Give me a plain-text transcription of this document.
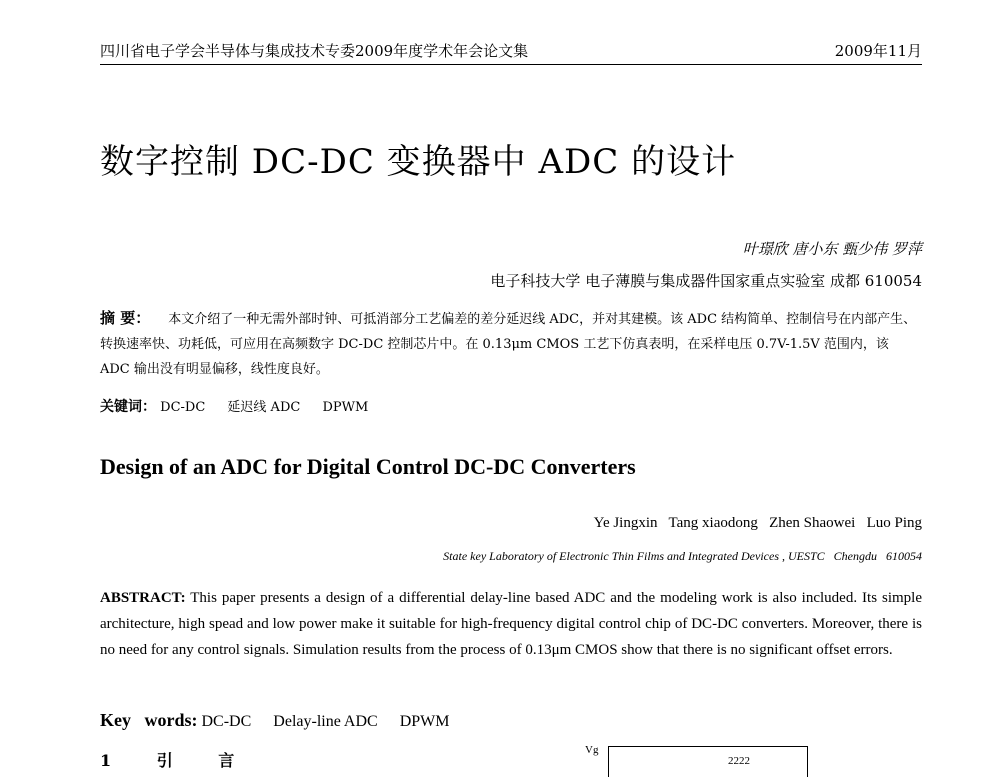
四川省电子学会半导体与集成技术专委2009年度学术年会论文集	2009年11月
数字控制 DC-DC 变换器中 ADC 的设计
叶璟欣 唐小东 甄少伟 罗萍
电子科技大学 电子薄膜与集成器件国家重点实验室 成都 610054
摘 要： 本文介绍了一种无需外部时钟、可抵消部分工艺偏差的差分延迟线 ADC，并对其建模。该 ADC 结构简单、控制信号在内部产生、转换速率快、功耗低，可应用在高频数字 DC-DC 控制芯片中。在 0.13μm CMOS 工艺下仿真表明，在采样电压 0.7V-1.5V 范围内，该 ADC 输出没有明显偏移，线性度良好。
关键词： DC-DC 延迟线 ADC DPWM
Design of an ADC for Digital Control DC-DC Converters
Ye Jingxin   Tang xiaodong   Zhen Shaowei   Luo Ping
State key Laboratory of Electronic Thin Films and Integrated Devices , UESTC   Chengdu   610054
ABSTRACT: This paper presents a design of a differential delay-line based ADC and the modeling work is also included. Its simple architecture, high spead and low power make it suitable for high-frequency digital control chip of DC-DC converters. Moreover, there is no need for any control signals. Simulation results from the process of 0.13μm CMOS show that there is no significant offset errors.
Key   words: DC-DC Delay-line ADC DPWM
1 引 言
Vg
2222
